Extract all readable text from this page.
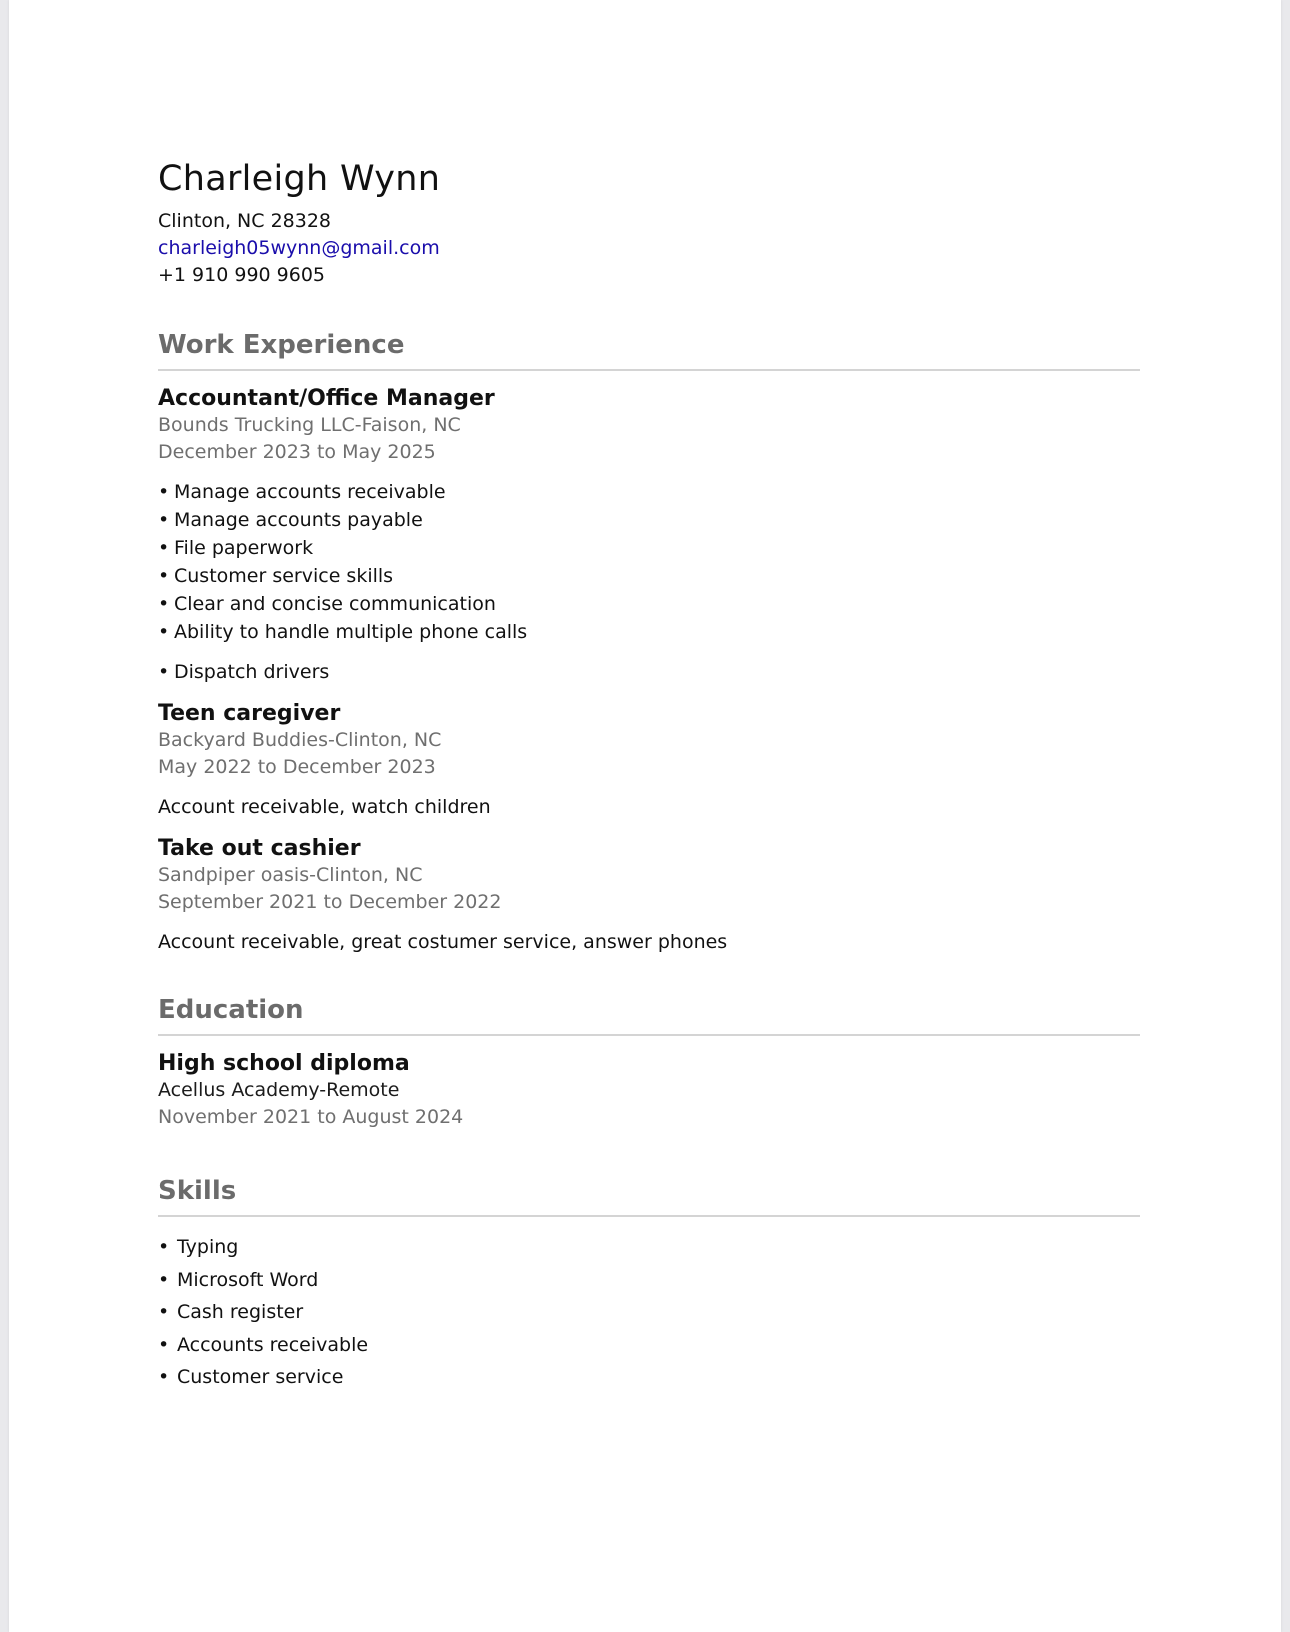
Charleigh Wynn
Clinton, NC 28328
charleigh05wynn@gmail.com
+1 910 990 9605
Work Experience
Accountant/Office Manager
Bounds Trucking LLC-Faison, NC
December 2023 to May 2025
• Manage accounts receivable
• Manage accounts payable
• File paperwork
• Customer service skills
• Clear and concise communication
• Ability to handle multiple phone calls
• Dispatch drivers
Teen caregiver
Backyard Buddies-Clinton, NC
May 2022 to December 2023
Account receivable, watch children
Take out cashier
Sandpiper oasis-Clinton, NC
September 2021 to December 2022
Account receivable, great costumer service, answer phones
Education
High school diploma
Acellus Academy-Remote
November 2021 to August 2024
Skills
• Typing
• Microsoft Word
• Cash register
• Accounts receivable
• Customer service
